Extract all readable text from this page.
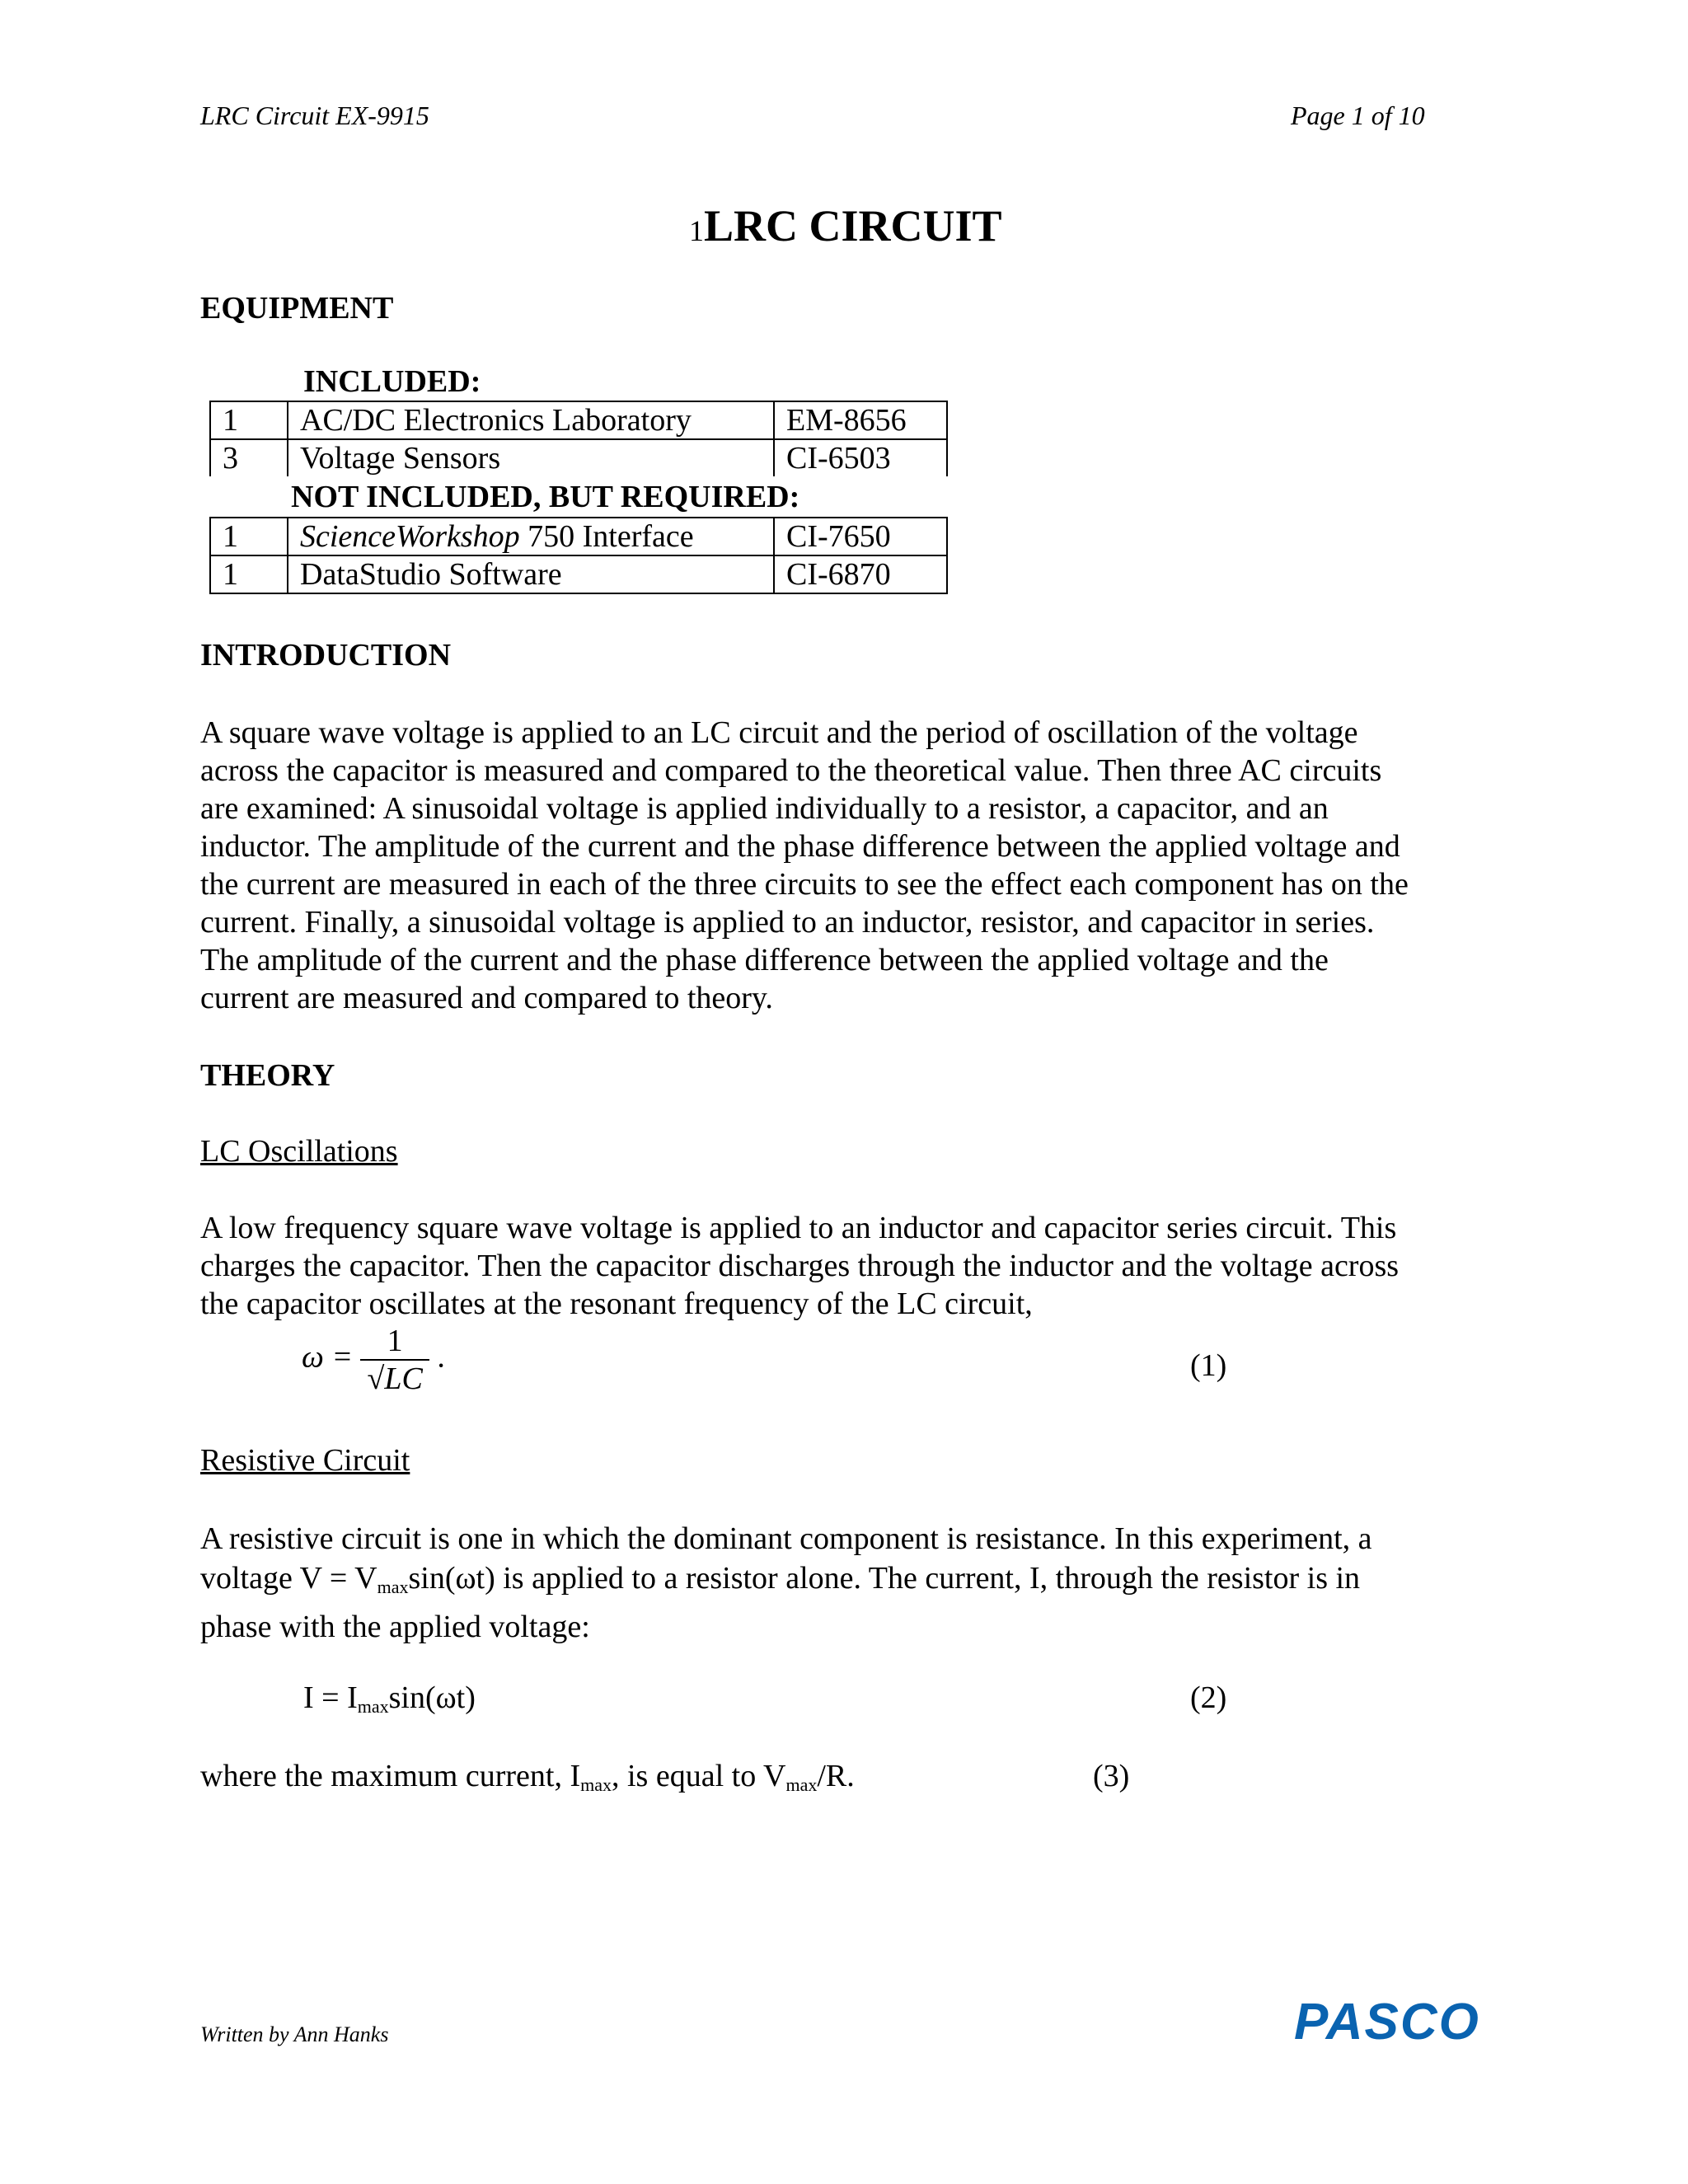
LRC Circuit EX-9915	Page 1 of 10
1LRC CIRCUIT
EQUIPMENT
INCLUDED:
1	AC/DC Electronics Laboratory	EM-8656
3	Voltage Sensors	CI-6503
NOT INCLUDED, BUT REQUIRED:
1	ScienceWorkshop 750 Interface	CI-7650
1	DataStudio Software	CI-6870
INTRODUCTION

A square wave voltage is applied to an LC circuit and the period of oscillation of the voltage

across the capacitor is measured and compared to the theoretical value. Then three AC circuits

are examined: A sinusoidal voltage is applied individually to a resistor, a capacitor, and an

inductor. The amplitude of the current and the phase difference between the applied voltage and

the current are measured in each of the three circuits to see the effect each component has on the

current. Finally, a sinusoidal voltage is applied to an inductor, resistor, and capacitor in series.

The amplitude of the current and the phase difference between the applied voltage and the

current are measured and compared to theory.

THEORY
LC Oscillations

A low frequency square wave voltage is applied to an inductor and capacitor series circuit. This

charges the capacitor. Then the capacitor discharges through the inductor and the voltage across

the capacitor oscillates at the resonant frequency of the LC circuit,

$\omega = \frac{1}{√LC}$ .	(1)
Resistive Circuit

A resistive circuit is one in which the dominant component is resistance. In this experiment, a

voltage $V = V_{max}\sin(\omega t)$ is applied to a resistor alone. The current, I, through the resistor is in

phase with the applied voltage:

$I = I_{max}\sin(\omega t)$	(2)
where the maximum current, $I_{max}$, is equal to $V_{max}/R$.	(3)
Written by Ann Hanks	PASCO
